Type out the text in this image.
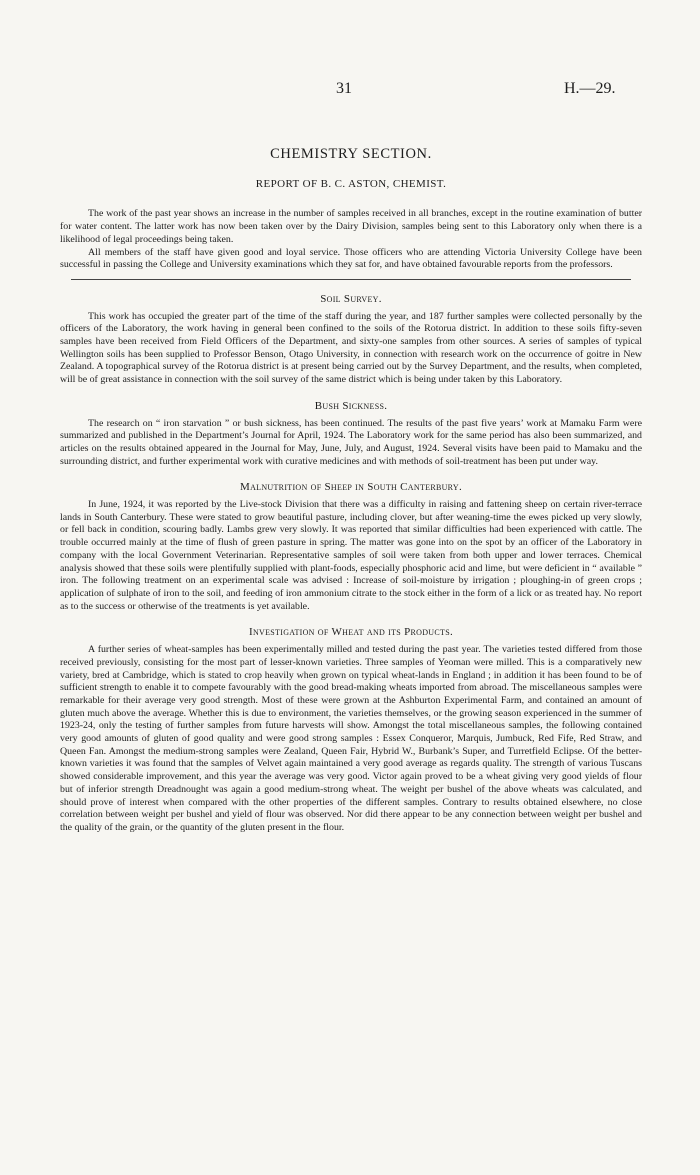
31	H.—29.
CHEMISTRY SECTION.
REPORT OF B. C. ASTON, CHEMIST.

The work of the past year shows an increase in the number of samples received in all branches, except in the routine examination of butter for water content. The latter work has now been taken over by the Dairy Division, samples being sent to this Laboratory only when there is a likelihood of legal proceedings being taken.

All members of the staff have given good and loyal service. Those officers who are attending Victoria University College have been successful in passing the College and University examinations which they sat for, and have obtained favourable reports from the professors.

Soil Survey.

This work has occupied the greater part of the time of the staff during the year, and 187 further samples were collected personally by the officers of the Laboratory, the work having in general been confined to the soils of the Rotorua district. In addition to these soils fifty-seven samples have been received from Field Officers of the Department, and sixty-one samples from other sources. A series of samples of typical Wellington soils has been supplied to Professor Benson, Otago University, in connection with research work on the occurrence of goitre in New Zealand. A topographical survey of the Rotorua district is at present being carried out by the Survey Department, and the results, when completed, will be of great assistance in connection with the soil survey of the same district which is being under taken by this Laboratory.

Bush Sickness.

The research on “ iron starvation ” or bush sickness, has been continued. The results of the past five years’ work at Mamaku Farm were summarized and published in the Department’s Journal for April, 1924. The Laboratory work for the same period has also been summarized, and articles on the results obtained appeared in the Journal for May, June, July, and August, 1924. Several visits have been paid to Mamaku and the surrounding district, and further experimental work with curative medicines and with methods of soil-treatment has been put under way.

Malnutrition of Sheep in South Canterbury.

In June, 1924, it was reported by the Live-stock Division that there was a difficulty in raising and fattening sheep on certain river-terrace lands in South Canterbury. These were stated to grow beautiful pasture, including clover, but after weaning-time the ewes picked up very slowly, or fell back in condition, scouring badly. Lambs grew very slowly. It was reported that similar difficulties had been experienced with cattle. The trouble occurred mainly at the time of flush of green pasture in spring. The matter was gone into on the spot by an officer of the Laboratory in company with the local Government Veterinarian. Representative samples of soil were taken from both upper and lower terraces. Chemical analysis showed that these soils were plentifully supplied with plant-foods, especially phosphoric acid and lime, but were deficient in “ available ” iron. The following treatment on an experimental scale was advised : Increase of soil-moisture by irrigation ; ploughing-in of green crops ; application of sulphate of iron to the soil, and feeding of iron ammonium citrate to the stock either in the form of a lick or as treated hay. No report as to the success or otherwise of the treatments is yet available.

Investigation of Wheat and its Products.

A further series of wheat-samples has been experimentally milled and tested during the past year. The varieties tested differed from those received previously, consisting for the most part of lesser-known varieties. Three samples of Yeoman were milled. This is a comparatively new variety, bred at Cambridge, which is stated to crop heavily when grown on typical wheat-lands in England ; in addition it has been found to be of sufficient strength to enable it to compete favourably with the good bread-making wheats imported from abroad. The miscellaneous samples were remarkable for their average very good strength. Most of these were grown at the Ashburton Experimental Farm, and contained an amount of gluten much above the average. Whether this is due to environment, the varieties themselves, or the growing season experienced in the summer of 1923-24, only the testing of further samples from future harvests will show. Amongst the total miscellaneous samples, the following contained very good amounts of gluten of good quality and were good strong samples : Essex Conqueror, Marquis, Jumbuck, Red Fife, Red Straw, and Queen Fan. Amongst the medium-strong samples were Zealand, Queen Fair, Hybrid W., Burbank’s Super, and Turretfield Eclipse. Of the better-known varieties it was found that the samples of Velvet again maintained a very good average as regards quality. The strength of various Tuscans showed considerable improvement, and this year the average was very good. Victor again proved to be a wheat giving very good yields of flour but of inferior strength Dreadnought was again a good medium-strong wheat. The weight per bushel of the above wheats was calculated, and should prove of interest when compared with the other properties of the different samples. Contrary to results obtained elsewhere, no close correlation between weight per bushel and yield of flour was observed. Nor did there appear to be any connection between weight per bushel and the quality of the grain, or the quantity of the gluten present in the flour.
